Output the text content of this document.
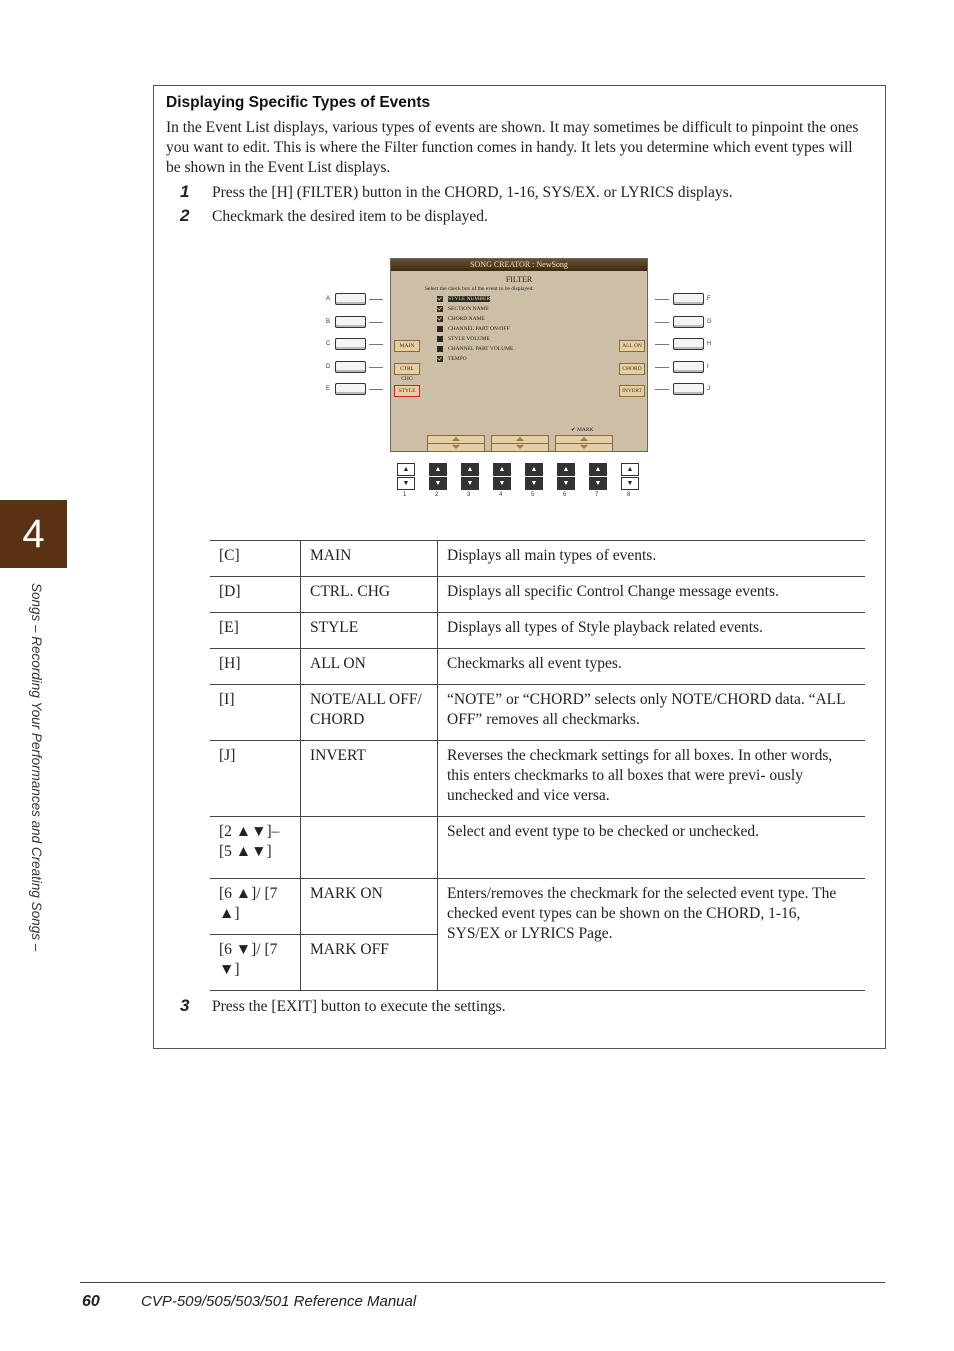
4
Songs – Recording Your Performances and Creating Songs –
Displaying Specific Types of Events
In the Event List displays, various types of events are shown. It may sometimes be difficult to pinpoint the ones you want to edit. This is where the Filter function comes in handy. It lets you determine which event types will be shown in the Event List displays.
1 Press the [H] (FILTER) button in the CHORD, 1-16, SYS/EX. or LYRICS displays.
2 Checkmark the desired item to be displayed.
A
B
C
D
E
F
G
H
I
J
SONG CREATOR : NewSong
FILTER
Select the check box of the event to be displayed.
STYLE NUMBER
SECTION NAME
CHORD NAME
CHANNEL PART ON/OFF
STYLE VOLUME
CHANNEL PART VOLUME
TEMPO
MAIN
CTRL CHG
STYLE
ALL ON
CHORD
INVERT
✔ MARK
▲
▼
▲
▼
▲
▼
▲
▼
▲
▼
▲
▼
▲
▼
▲
▼
1	2	3	4	5	6	7	8
[C]	MAIN	Displays all main types of events.
[D]	CTRL. CHG	Displays all specific Control Change message events.
[E]	STYLE	Displays all types of Style playback related events.
[H]	ALL ON	Checkmarks all event types.
[I]	NOTE/ALL OFF/ CHORD	“NOTE” or “CHORD” selects only NOTE/CHORD data. “ALL OFF” removes all checkmarks.
[J]	INVERT	Reverses the checkmark settings for all boxes. In other words, this enters checkmarks to all boxes that were previ- ously unchecked and vice versa.
[2 ▲▼]– [5 ▲▼]		Select and event type to be checked or unchecked.
[6 ▲]/ [7 ▲]	MARK ON	Enters/removes the checkmark for the selected event type. The checked event types can be shown on the CHORD, 1-16, SYS/EX or LYRICS Page.
[6 ▼]/ [7 ▼]	MARK OFF	
3 Press the [EXIT] button to execute the settings.
60	CVP-509/505/503/501 Reference Manual
